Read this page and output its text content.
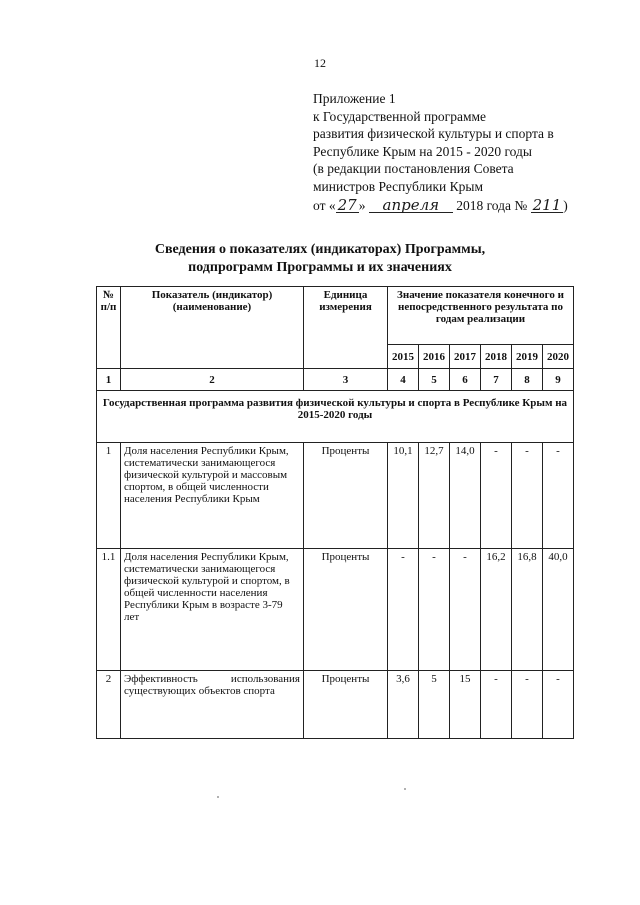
12
Приложение 1
к Государственной программе
развития физической культуры и спорта в
Республике Крым на 2015 - 2020 годы
(в редакции постановления Совета
министров Республики Крым
от « 27 » апреля 2018 года № 211 )
Сведения о показателях (индикаторах) Программы,
подпрограмм Программы и их значениях
№ п/п	Показатель (индикатор) (наименование)	Единица измерения	Значение показателя конечного и непосредственного результата по годам реализации					
			2015	2016	2017	2018	2019	2020
1	2	3	4	5	6	7	8	9
Государственная программа развития физической культуры и спорта в Республике Крым на 2015-2020 годы								
1	Доля населения Республики Крым, систематически занимающегося физической культурой и массовым спортом, в общей численности населения Республики Крым	Проценты	10,1	12,7	14,0	-	-	-
1.1	Доля населения Республики Крым, систематически занимающегося физической культурой и спортом, в общей численности населения Республики Крым в возрасте 3-79 лет	Проценты	-	-	-	16,2	16,8	40,0
2	Эффективность использования существующих объектов спорта	Проценты	3,6	5	15	-	-	-
